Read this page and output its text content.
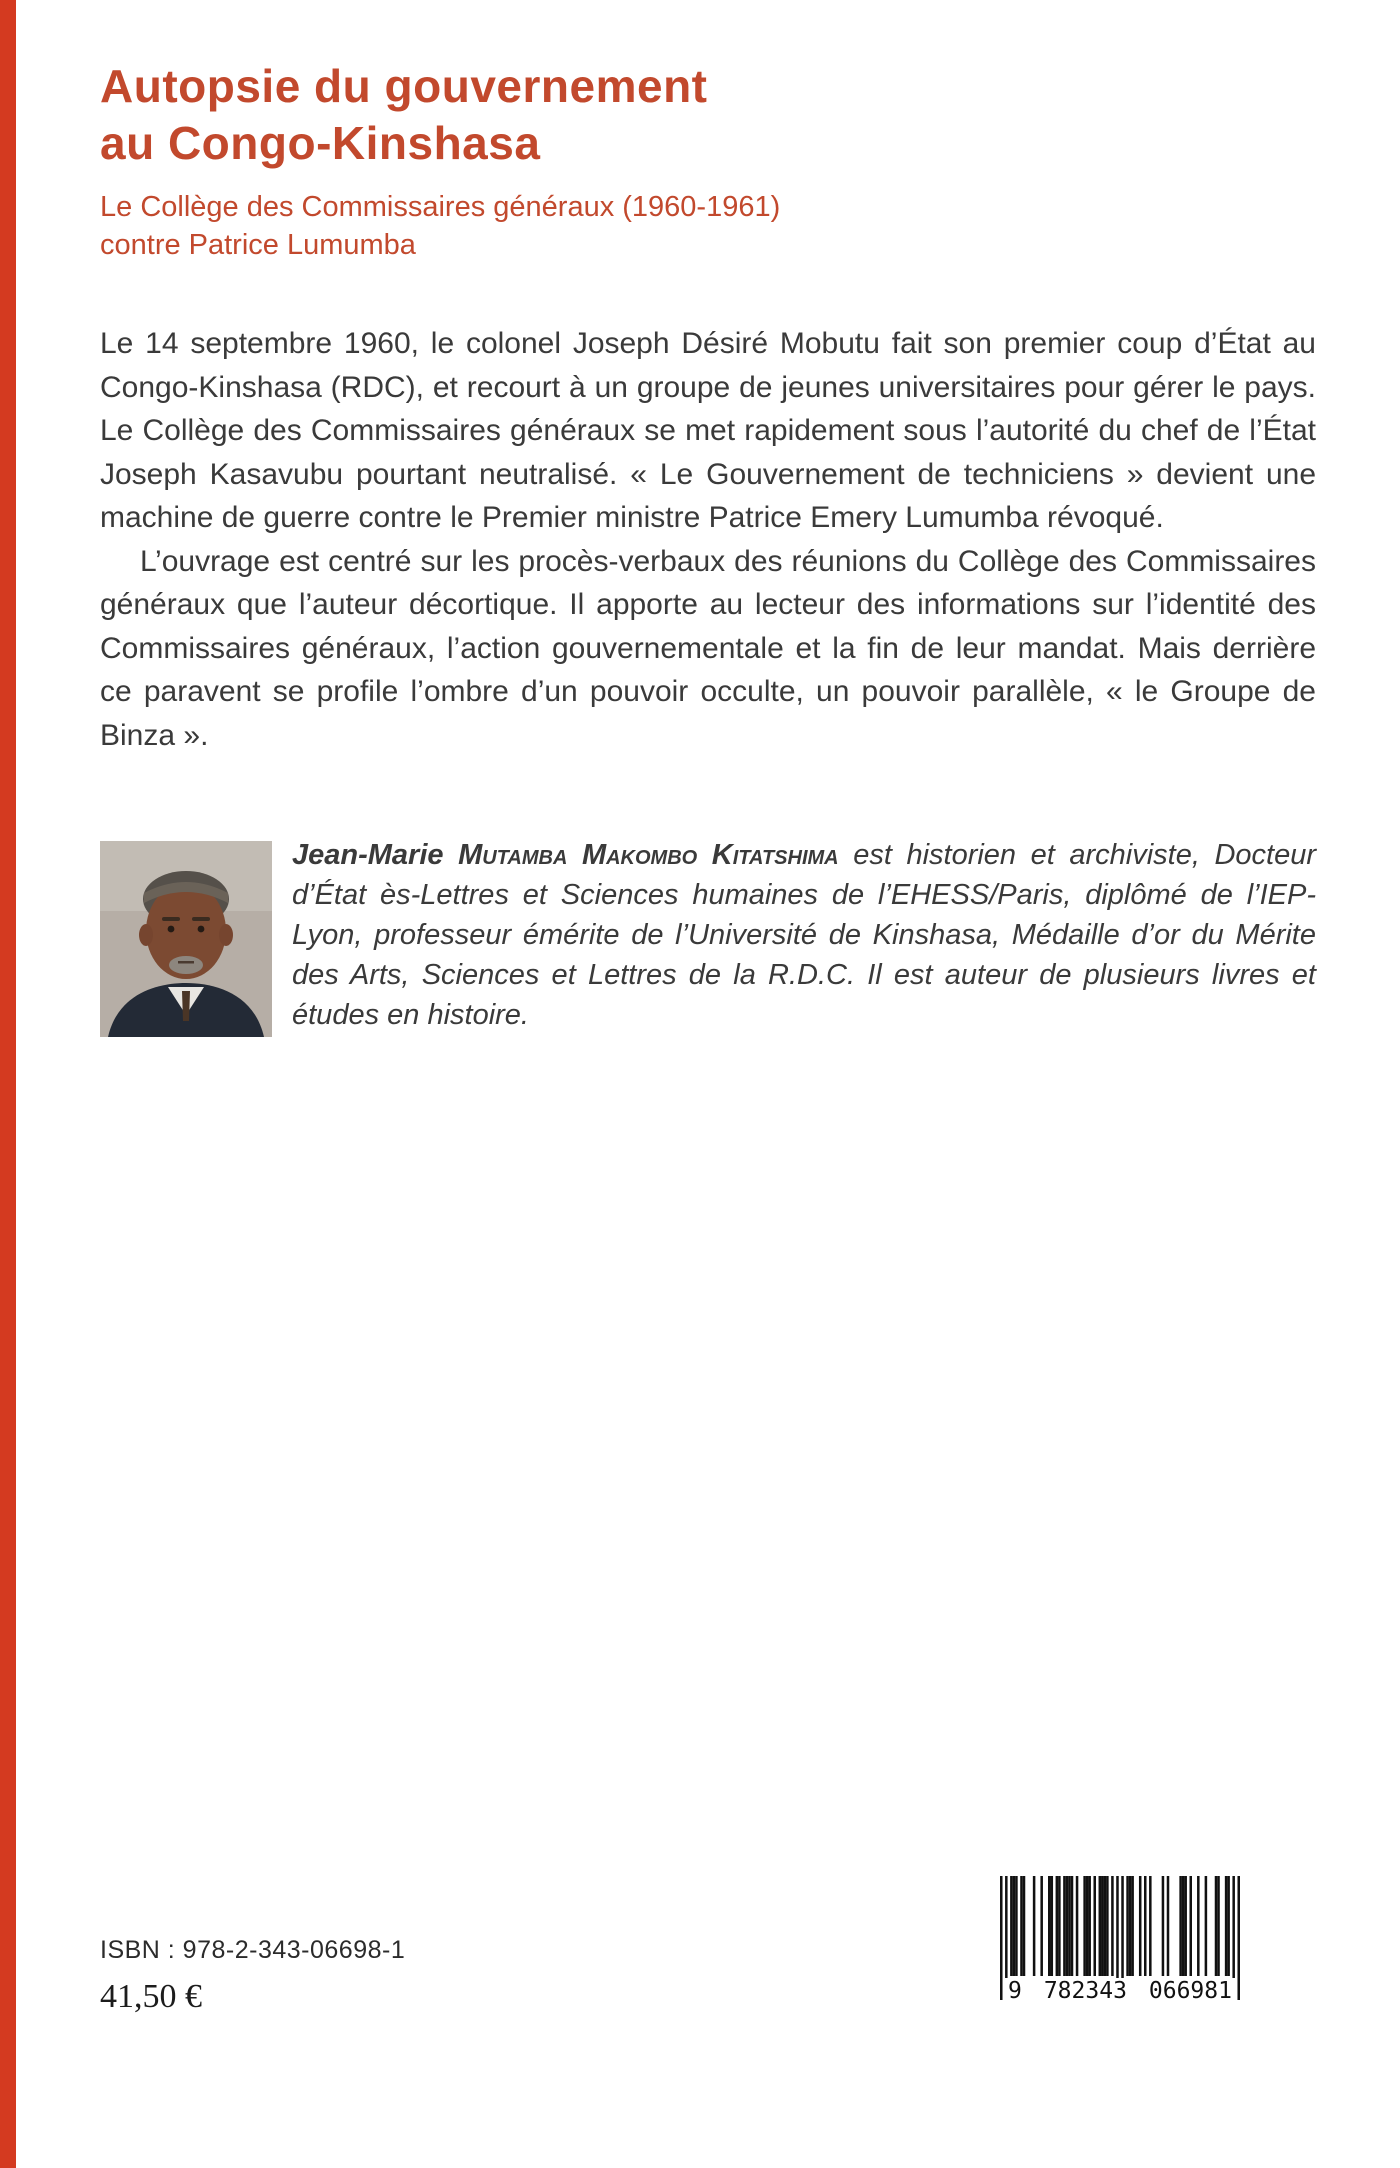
Autopsie du gouvernement
au Congo-Kinshasa
Le Collège des Commissaires généraux (1960-1961)
contre Patrice Lumumba

Le 14 septembre 1960, le colonel Joseph Désiré Mobutu fait son premier coup d’État au Congo-Kinshasa (RDC), et recourt à un groupe de jeunes universitaires pour gérer le pays. Le Collège des Commissaires généraux se met rapidement sous l’autorité du chef de l’État Joseph Kasavubu pourtant neutralisé. « Le Gouvernement de techniciens » devient une machine de guerre contre le Premier ministre Patrice Emery Lumumba révoqué.

L’ouvrage est centré sur les procès-verbaux des réunions du Collège des Commissaires généraux que l’auteur décortique. Il apporte au lecteur des informations sur l’identité des Commissaires généraux, l’action gouvernementale et la fin de leur mandat. Mais derrière ce paravent se profile l’ombre d’un pouvoir occulte, un pouvoir parallèle, « le Groupe de Binza ».

Jean-Marie Mutamba Makombo Kitatshima est historien et archiviste, Docteur d’État ès-Lettres et Sciences humaines de l’EHESS/Paris, diplômé de l’IEP-Lyon, professeur émérite de l’Université de Kinshasa, Médaille d’or du Mérite des Arts, Sciences et Lettres de la R.D.C. Il est auteur de plusieurs livres et études en histoire.
ISBN : 978-2-343-06698-1
41,50 €	9 782343 066981
